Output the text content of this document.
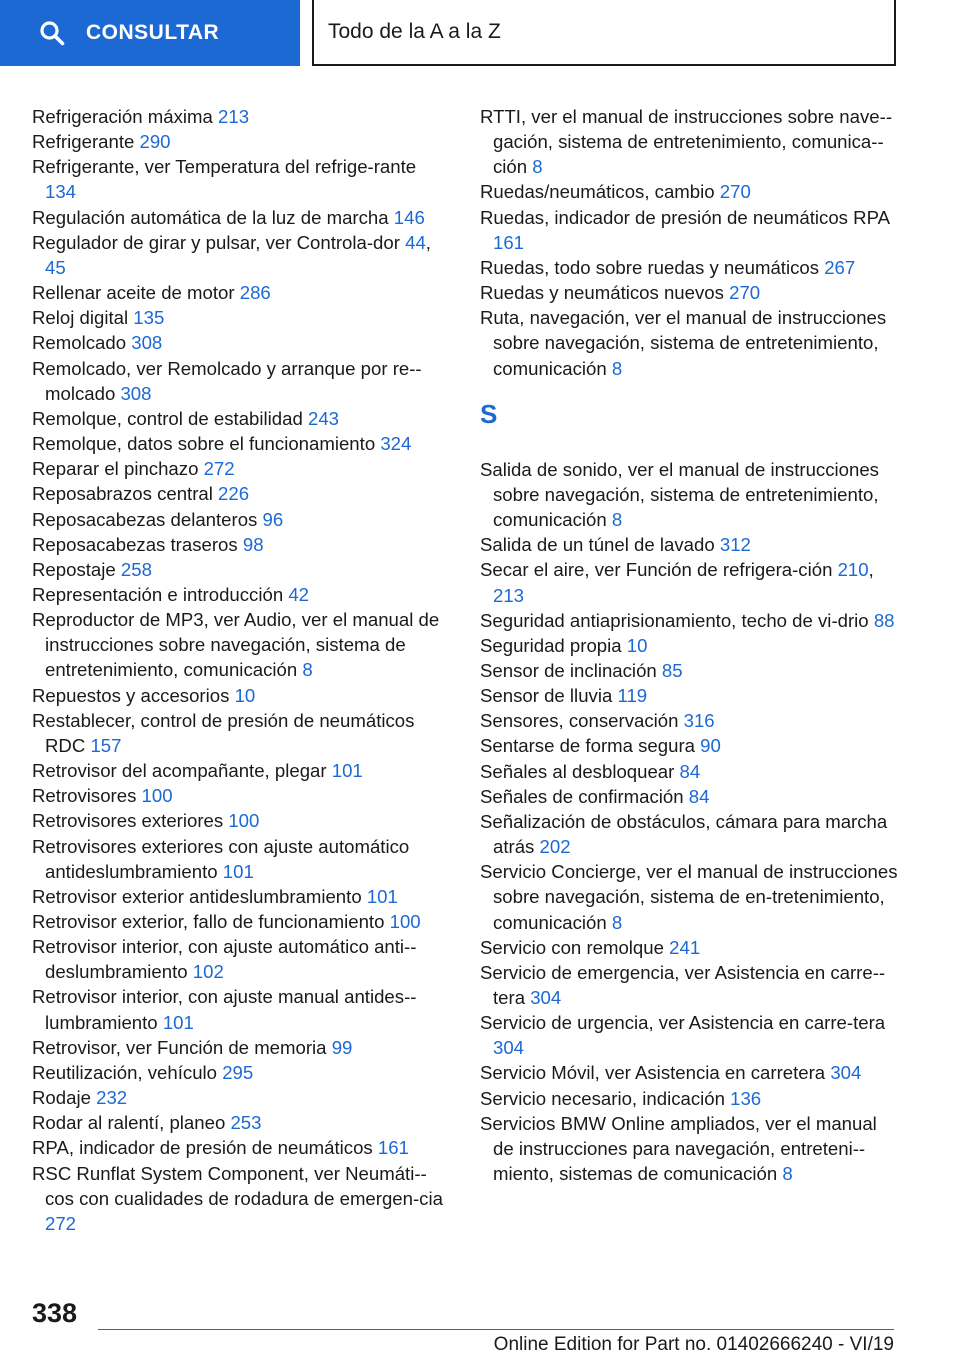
CONSULTAR	Todo de la A a la Z
Refrigeración máxima 213
Refrigerante 290
Refrigerante, ver Temperatura del refrige-rante 134
Regulación automática de la luz de marcha 146
Regulador de girar y pulsar, ver Controla-dor 44, 45
Rellenar aceite de motor 286
Reloj digital 135
Remolcado 308
Remolcado, ver Remolcado y arranque por re-molcado 308
Remolque, control de estabilidad 243
Remolque, datos sobre el funcionamiento 324
Reparar el pinchazo 272
Reposabrazos central 226
Reposacabezas delanteros 96
Reposacabezas traseros 98
Repostaje 258
Representación e introducción 42
Reproductor de MP3, ver Audio, ver el manual de instrucciones sobre navegación, sistema de entretenimiento, comunicación 8
Repuestos y accesorios 10
Restablecer, control de presión de neumáticos RDC 157
Retrovisor del acompañante, plegar 101
Retrovisores 100
Retrovisores exteriores 100
Retrovisores exteriores con ajuste automático antideslumbramiento 101
Retrovisor exterior antideslumbramiento 101
Retrovisor exterior, fallo de funcionamiento 100
Retrovisor interior, con ajuste automático anti-deslumbramiento 102
Retrovisor interior, con ajuste manual antides-lumbramiento 101
Retrovisor, ver Función de memoria 99
Reutilización, vehículo 295
Rodaje 232
Rodar al ralentí, planeo 253
RPA, indicador de presión de neumáticos 161
RSC Runflat System Component, ver Neumáti-cos con cualidades de rodadura de emergen-cia 272
RTTI, ver el manual de instrucciones sobre nave-gación, sistema de entretenimiento, comunica-ción 8
Ruedas/neumáticos, cambio 270
Ruedas, indicador de presión de neumáticos RPA 161
Ruedas, todo sobre ruedas y neumáticos 267
Ruedas y neumáticos nuevos 270
Ruta, navegación, ver el manual de instrucciones sobre navegación, sistema de entretenimiento, comunicación 8
S
Salida de sonido, ver el manual de instrucciones sobre navegación, sistema de entretenimiento, comunicación 8
Salida de un túnel de lavado 312
Secar el aire, ver Función de refrigera-ción 210, 213
Seguridad antiaprisionamiento, techo de vi-drio 88
Seguridad propia 10
Sensor de inclinación 85
Sensor de lluvia 119
Sensores, conservación 316
Sentarse de forma segura 90
Señales al desbloquear 84
Señales de confirmación 84
Señalización de obstáculos, cámara para marcha atrás 202
Servicio Concierge, ver el manual de instrucciones sobre navegación, sistema de en-tretenimiento, comunicación 8
Servicio con remolque 241
Servicio de emergencia, ver Asistencia en carre-tera 304
Servicio de urgencia, ver Asistencia en carre-tera 304
Servicio Móvil, ver Asistencia en carretera 304
Servicio necesario, indicación 136
Servicios BMW Online ampliados, ver el manual de instrucciones para navegación, entreteni-miento, sistemas de comunicación 8
338
Online Edition for Part no. 01402666240 - VI/19
